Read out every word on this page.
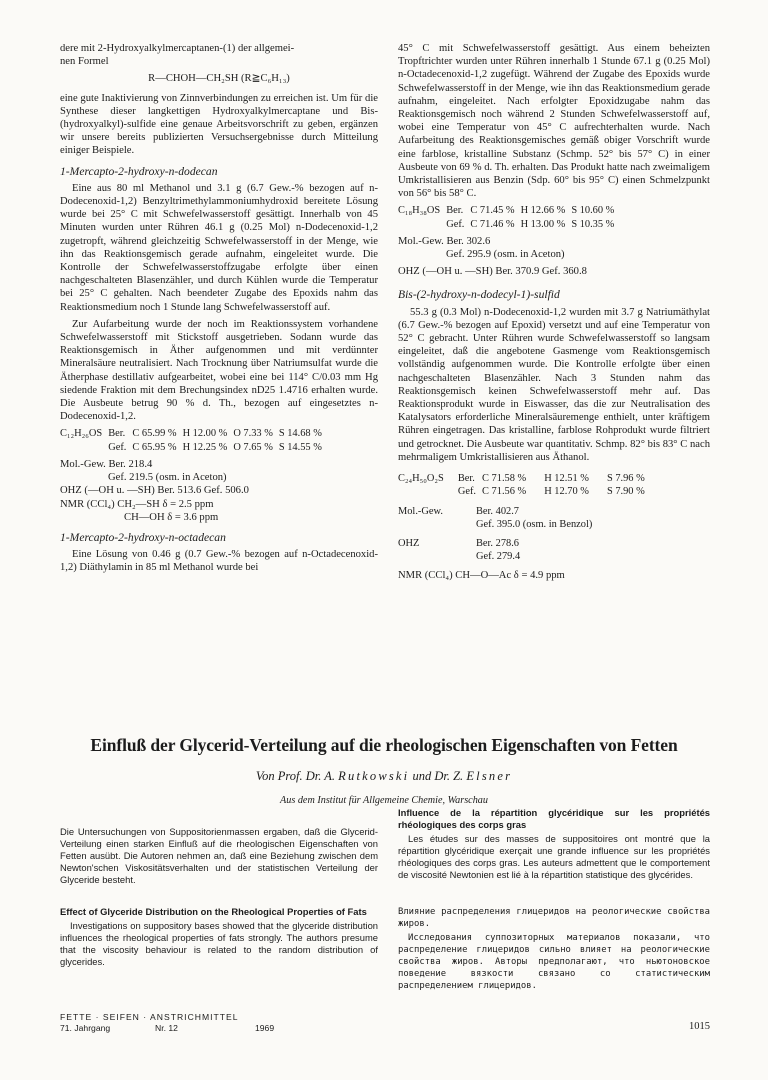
dere mit 2-Hydroxyalkylmercaptanen-(1) der allgemei-
nen Formel
R—CHOH—CH₂SH (R≧C₆H₁₃)

eine gute Inaktivierung von Zinnverbindungen zu erreichen ist. Um für die Synthese dieser langkettigen Hydroxyalkylmercaptane und Bis-(hydroxyalkyl)-sulfide eine genaue Arbeitsvorschrift zu geben, ergänzen wir unsere bereits publizierten Versuchsergebnisse durch Mitteilung einiger Beispiele.

1-Mercapto-2-hydroxy-n-dodecan

Eine aus 80 ml Methanol und 3.1 g (6.7 Gew.-% bezogen auf n-Dodecenoxid-1,2) Benzyltrimethylammoniumhydroxid bereitete Lösung wurde bei 25° C mit Schwefelwasserstoff gesättigt. Innerhalb von 45 Minuten wurden unter Rühren 46.1 g (0.25 Mol) n-Dodecenoxid-1,2 zugetropft, während gleichzeitig Schwefelwasserstoff in der Menge, wie ihn das Reaktionsgemisch gerade aufnahm, eingeleitet wurde. Die Kontrolle der Schwefelwasserstoffzugabe erfolgte über einen nachgeschalteten Blasenzähler, und durch Kühlen wurde die Temperatur bei 25° C gehalten. Nach beendeter Zugabe des Epoxids nahm das Reaktionsmedium noch 1 Stunde lang Schwefelwasserstoff auf.

Zur Aufarbeitung wurde der noch im Reaktionssystem vorhandene Schwefelwasserstoff mit Stickstoff ausgetrieben. Sodann wurde das Reaktionsgemisch in Äther aufgenommen und mit verdünnter Mineralsäure neutralisiert. Nach Trocknung über Natriumsulfat wurde die Ätherphase destillativ aufgearbeitet, wobei eine bei 114° C/0.03 mm Hg siedende Fraktion mit dem Brechungsindex nD25 1.4716 erhalten wurde. Die Ausbeute betrug 90 % d. Th., bezogen auf eingesetztes n-Dodecenoxid-1,2.

C₁₂H₂₆OS	Ber.	C 65.99 %	H 12.00 %	O 7.33 %	S 14.68 %
	Gef.	C 65.95 %	H 12.25 %	O 7.65 %	S 14.55 %
Mol.-Gew. Ber. 218.4
Gef. 219.5 (osm. in Aceton)
OHZ (—OH u. —SH) Ber. 513.6 Gef. 506.0
NMR (CCl₄) CH₂—SH δ = 2.5 ppm
CH—OH δ = 3.6 ppm
1-Mercapto-2-hydroxy-n-octadecan

Eine Lösung von 0.46 g (0.7 Gew.-% bezogen auf n-Octadecenoxid-1,2) Diäthylamin in 85 ml Methanol wurde bei

45° C mit Schwefelwasserstoff gesättigt. Aus einem beheizten Tropftrichter wurden unter Rühren innerhalb 1 Stunde 67.1 g (0.25 Mol) n-Octadecenoxid-1,2 zugefügt. Während der Zugabe des Epoxids wurde Schwefelwasserstoff in der Menge, wie ihn das Reaktionsmedium gerade aufnahm, eingeleitet. Nach erfolgter Epoxidzugabe nahm das Reaktionsgemisch noch während 2 Stunden Schwefelwasserstoff auf, wobei eine Temperatur von 45° C aufrechterhalten wurde. Nach Aufarbeitung des Reaktionsgemisches gemäß obiger Vorschrift wurde eine farblose, kristalline Substanz (Schmp. 52° bis 57° C) in einer Ausbeute von 69 % d. Th. erhalten. Das Produkt hatte nach zweimaligem Umkristallisieren aus Benzin (Sdp. 60° bis 95° C) einen Schmelzpunkt von 56° bis 58° C.

C₁₈H₃₈OS	Ber.	C 71.45 %	H 12.66 %	S 10.60 %
	Gef.	C 71.46 %	H 13.00 %	S 10.35 %
Mol.-Gew. Ber. 302.6
Gef. 295.9 (osm. in Aceton)
OHZ (—OH u. —SH) Ber. 370.9 Gef. 360.8
Bis-(2-hydroxy-n-dodecyl-1)-sulfid

55.3 g (0.3 Mol) n-Dodecenoxid-1,2 wurden mit 3.7 g Natriumäthylat (6.7 Gew.-% bezogen auf Epoxid) versetzt und auf eine Temperatur von 52° C gebracht. Unter Rühren wurde Schwefelwasserstoff so langsam eingeleitet, daß die angebotene Gasmenge vom Reaktionsgemisch vollständig aufgenommen wurde. Die Kontrolle erfolgte über einen nachgeschalteten Blasenzähler. Nach 3 Stunden nahm das Reaktionsgemisch keinen Schwefelwasserstoff mehr auf. Das Reaktionsprodukt wurde in Eiswasser, das die zur Neutralisation des Katalysators erforderliche Mineralsäuremenge enthielt, unter kräftigem Rühren eingetragen. Das kristalline, farblose Rohprodukt wurde filtriert und getrocknet. Die Ausbeute war quantitativ. Schmp. 82° bis 83° C nach mehrmaligem Umkristallisieren aus Äthanol.

C₂₄H₅₀O₂S	Ber.	C 71.58 %	H 12.51 %	S 7.96 %
	Gef.	C 71.56 %	H 12.70 %	S 7.90 %
Mol.-Gew.	Ber. 402.7
	Gef. 395.0 (osm. in Benzol)
OHZ	Ber. 278.6
	Gef. 279.4
NMR (CCl₄) CH—O—Ac δ = 4.9 ppm
Einfluß der Glycerid-Verteilung auf die rheologischen Eigenschaften von Fetten
Von Prof. Dr. A. Rutkowski und Dr. Z. Elsner
Aus dem Institut für Allgemeine Chemie, Warschau
Die Untersuchungen von Suppositorienmassen ergaben, daß die Glycerid-Verteilung einen starken Einfluß auf die rheologischen Eigenschaften von Fetten ausübt. Die Autoren nehmen an, daß eine Beziehung zwischen dem Newton'schen Viskositätsverhalten und der statistischen Verteilung der Glyceride besteht.
Effect of Glyceride Distribution on the Rheological Properties of Fats
Investigations on suppository bases showed that the glyceride distribution influences the rheological properties of fats strongly. The authors presume that the viscosity behaviour is related to the random distribution of glycerides.
Influence de la répartition glycéridique sur les propriétés rhéologiques des corps gras
Les études sur des masses de suppositoires ont montré que la répartition glycéridique exerçait une grande influence sur les propriétés rhéologiques des corps gras. Les auteurs admettent que le comportement de viscosité Newtonien est lié à la répartition statistique des glycérides.
Влияние распределения глицеридов на реологические свойства жиров.
Исследования суппозиторных материалов показали, что распределение глицеридов сильно влияет на реологические свойства жиров. Авторы предполагают, что ньютоновское поведение вязкости связано со статистическим распределением глицеридов.
FETTE · SEIFEN · ANSTRICHMITTEL
71. Jahrgang	Nr. 12	1969	1015
